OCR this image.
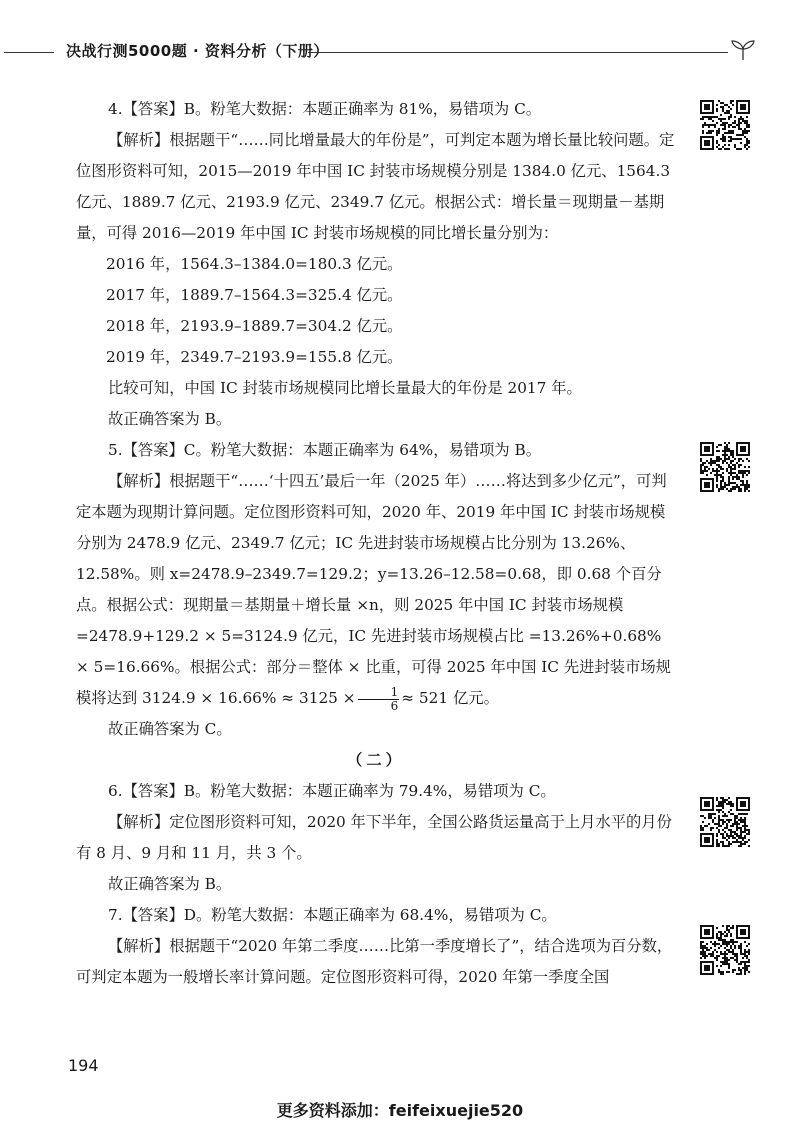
决战行测5000题 · 资料分析（下册）

4.【答案】B。粉笔大数据：本题正确率为 81%，易错项为 C。

【解析】根据题干“……同比增量最大的年份是”，可判定本题为增长量比较问题。定位图形资料可知，2015—2019 年中国 IC 封装市场规模分别是 1384.0 亿元、1564.3 亿元、1889.7 亿元、2193.9 亿元、2349.7 亿元。根据公式：增长量＝现期量－基期量，可得 2016—2019 年中国 IC 封装市场规模的同比增长量分别为：

2016 年，1564.3–1384.0=180.3 亿元。

2017 年，1889.7–1564.3=325.4 亿元。

2018 年，2193.9–1889.7=304.2 亿元。

2019 年，2349.7–2193.9=155.8 亿元。

比较可知，中国 IC 封装市场规模同比增长量最大的年份是 2017 年。

故正确答案为 B。

5.【答案】C。粉笔大数据：本题正确率为 64%，易错项为 B。

【解析】根据题干“……‘十四五’最后一年（2025 年）……将达到多少亿元”，可判定本题为现期计算问题。定位图形资料可知，2020 年、2019 年中国 IC 封装市场规模分别为 2478.9 亿元、2349.7 亿元；IC 先进封装市场规模占比分别为 13.26%、12.58%。则 x=2478.9–2349.7=129.2；y=13.26–12.58=0.68，即 0.68 个百分点。根据公式：现期量＝基期量＋增长量 ×n，则 2025 年中国 IC 封装市场规模 =2478.9+129.2 × 5=3124.9 亿元，IC 先进封装市场规模占比 =13.26%+0.68% × 5=16.66%。根据公式：部分＝整体 × 比重，可得 2025 年中国 IC 先进封装市场规模将达到 $3124.9 \times 16.66\% \approx 3125 \times \frac{1}{6} \approx 521$ 亿元。

故正确答案为 C。

（二）

6.【答案】B。粉笔大数据：本题正确率为 79.4%，易错项为 C。

【解析】定位图形资料可知，2020 年下半年，全国公路货运量高于上月水平的月份有 8 月、9 月和 11 月，共 3 个。

故正确答案为 B。

7.【答案】D。粉笔大数据：本题正确率为 68.4%，易错项为 C。

【解析】根据题干“2020 年第二季度……比第一季度增长了”，结合选项为百分数，可判定本题为一般增长率计算问题。定位图形资料可得，2020 年第一季度全国

194
更多资料添加：feifeixuejie520
